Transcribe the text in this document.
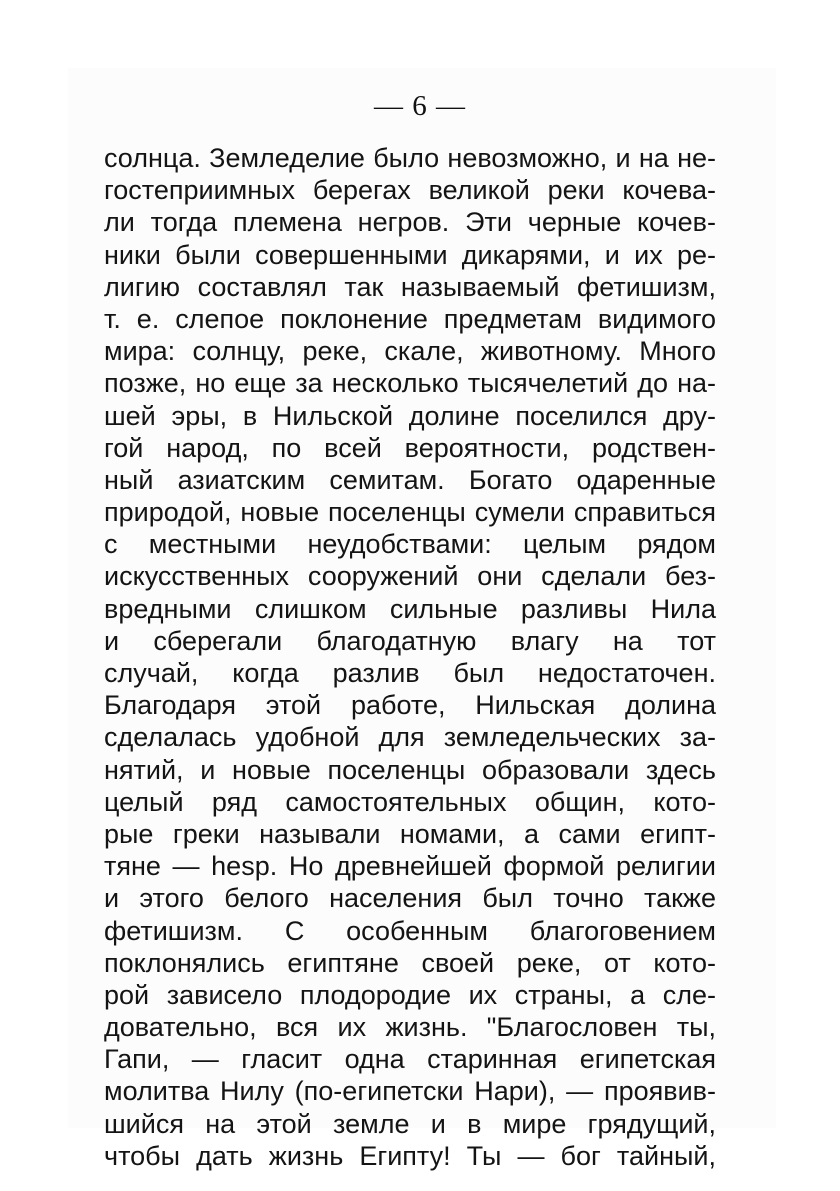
— 6 —
солнца. Земледелие было невозможно, и на не-
гостеприимных берегах великой реки кочева-
ли тогда племена негров. Эти черные кочев-
ники были совершенными дикарями, и их ре-
лигию составлял так называемый фетишизм,
т. е. слепое поклонение предметам видимого
мира: солнцу, реке, скале, животному. Много
позже, но еще за несколько тысячелетий до на-
шей эры, в Нильской долине поселился дру-
гой народ, по всей вероятности, родствен-
ный азиатским семитам. Богато одаренные
природой, новые поселенцы сумели справиться
с местными неудобствами: целым рядом
искусственных сооружений они сделали без-
вредными слишком сильные разливы Нила
и сберегали благодатную влагу на тот
случай, когда разлив был недостаточен.
Благодаря этой работе, Нильская долина
сделалась удобной для земледельческих за-
нятий, и новые поселенцы образовали здесь
целый ряд самостоятельных общин, кото-
рые греки называли номами, а сами египт-
тяне — hesp. Но древнейшей формой религии
и этого белого населения был точно также
фетишизм. С особенным благоговением
поклонялись египтяне своей реке, от кото-
рой зависело плодородие их страны, а сле-
довательно, вся их жизнь. "Благословен ты,
Гапи, — гласит одна старинная египетская
молитва Нилу (по-египетски Нари), — проявив-
шийся на этой земле и в мире грядущий,
чтобы дать жизнь Египту! Ты — бог тайный,
